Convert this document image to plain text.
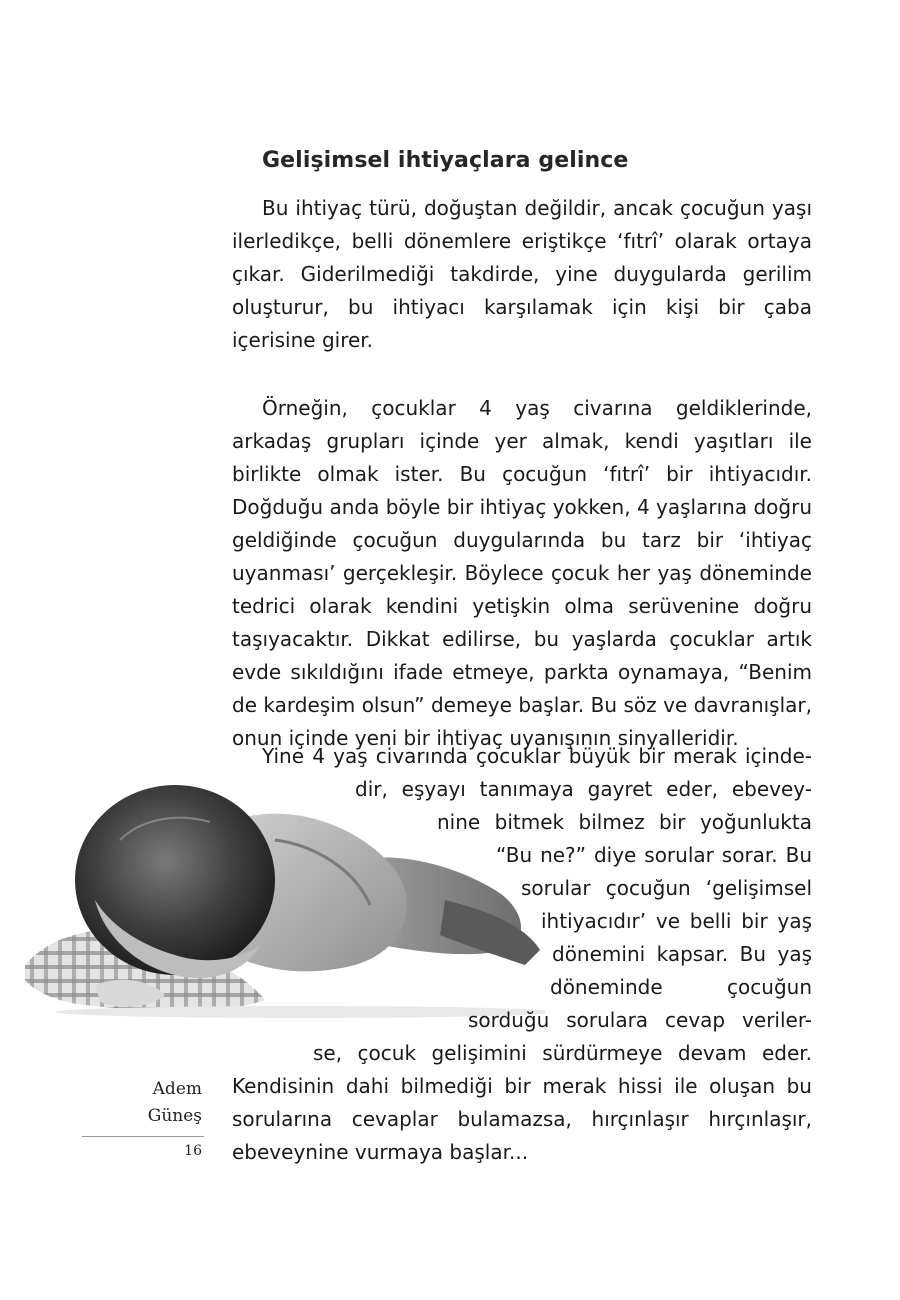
Gelişimsel ihtiyaçlara gelince

Bu ihtiyaç türü, doğuştan değildir, ancak çocuğun yaşı ilerledikçe, belli dönemlere eriştikçe ‘fıtrî’ olarak ortaya çıkar. Giderilmediği takdirde, yine duygularda gerilim oluşturur, bu ihtiyacı karşılamak için kişi bir çaba içerisine girer.

Örneğin, çocuklar 4 yaş civarına geldiklerinde, arkadaş grupları içinde yer almak, kendi yaşıtları ile birlikte olmak ister. Bu çocuğun ‘fıtrî’ bir ihtiyacıdır. Doğduğu anda böyle bir ihtiyaç yokken, 4 yaşlarına doğru geldiğinde çocuğun duygularında bu tarz bir ‘ihtiyaç uyanması’ gerçekleşir. Böylece çocuk her yaş döneminde tedrici olarak kendini yetişkin olma serüvenine doğru taşıyacaktır. Dikkat edilirse, bu yaşlarda çocuklar artık evde sıkıldığını ifade etmeye, parkta oynamaya, “Benim de kardeşim olsun” demeye başlar. Bu söz ve davranışlar, onun içinde yeni bir ihtiyaç uyanışının sinyalleridir.

Yine 4 yaş civarında çocuklar büyük bir merak içinde-
dir, eşyayı tanımaya gayret eder, ebevey-
nine bitmek bilmez bir yoğunlukta
“Bu ne?” diye sorular sorar. Bu
sorular çocuğun ‘gelişimsel
ihtiyacıdır’ ve belli bir yaş
dönemini kapsar. Bu yaş
döneminde çocuğun
sorduğu sorulara cevap veriler-
se, çocuk gelişimini sürdürmeye devam eder.
Kendisinin dahi bilmediği bir merak hissi ile oluşan bu
sorularına cevaplar bulamazsa, hırçınlaşır hırçınlaşır,
ebeveynine vurmaya başlar...

Adem

Güneş

16
